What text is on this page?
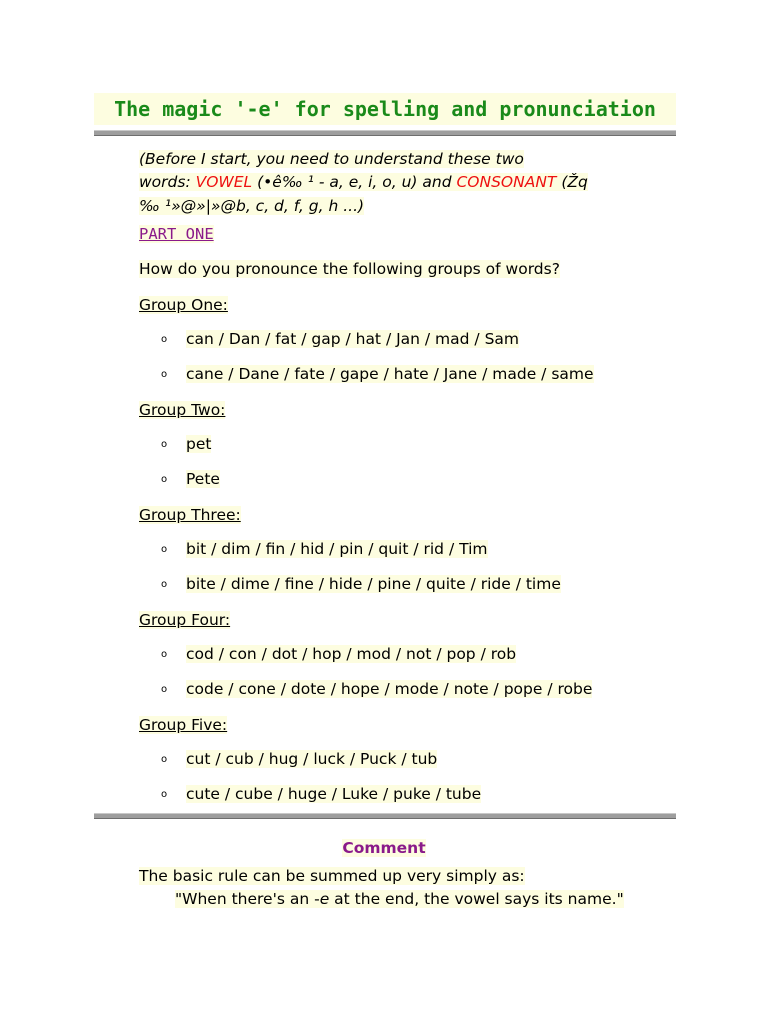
The magic '-e' for spelling and pronunciation
(Before I start, you need to understand these two
words: VOWEL (•ê‰ ¹ - a, e, i, o, u) and CONSONANT (Žq
‰ ¹»@»|»@b, c, d, f, g, h ...)
PART ONE
How do you pronounce the following groups of words?
Group One:
o can / Dan / fat / gap / hat / Jan / mad / Sam
o cane / Dane / fate / gape / hate / Jane / made / same
Group Two:
o pet
o Pete
Group Three:
o bit / dim / fin / hid / pin / quit / rid / Tim
o bite / dime / fine / hide / pine / quite / ride / time
Group Four:
o cod / con / dot / hop / mod / not / pop / rob
o code / cone / dote / hope / mode / note / pope / robe
Group Five:
o cut / cub / hug / luck / Puck / tub
o cute / cube / huge / Luke / puke / tube
Comment
The basic rule can be summed up very simply as:
"When there's an -e at the end, the vowel says its name."
